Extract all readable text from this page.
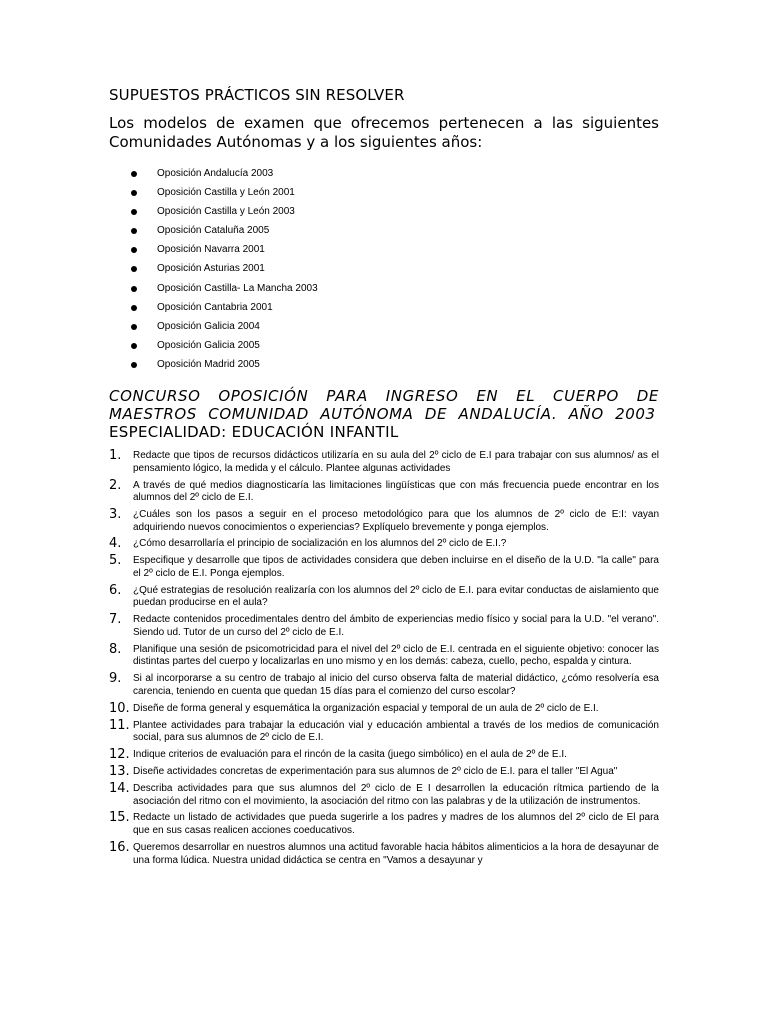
SUPUESTOS PRÁCTICOS SIN RESOLVER

Los modelos de examen que ofrecemos pertenecen a las siguientes Comunidades Autónomas y a los siguientes años:

Oposición Andalucía 2003
Oposición Castilla y León 2001
Oposición Castilla y León 2003
Oposición Cataluña 2005
Oposición Navarra 2001
Oposición Asturias 2001
Oposición Castilla- La Mancha 2003
Oposición Cantabria 2001
Oposición Galicia 2004
Oposición Galicia 2005
Oposición Madrid 2005

CONCURSO OPOSICIÓN PARA INGRESO EN EL CUERPO DE MAESTROS COMUNIDAD AUTÓNOMA DE ANDALUCÍA. AÑO 2003

ESPECIALIDAD: EDUCACIÓN INFANTIL

1. Redacte que tipos de recursos didácticos utilizaría en su aula del 2º ciclo de E.I para trabajar con sus alumnos/ as el pensamiento lógico, la medida y el cálculo. Plantee algunas actividades
2. A través de qué medios diagnosticaría las limitaciones lingüísticas que con más frecuencia puede encontrar en los alumnos del 2º ciclo de E.I.
3. ¿Cuáles son los pasos a seguir en el proceso metodológico para que los alumnos de 2º ciclo de E:I: vayan adquiriendo nuevos conocimientos o experiencias? Explíquelo brevemente y ponga ejemplos.
4. ¿Cómo desarrollaría el principio de socialización en los alumnos del 2º ciclo de E.I.?
5. Especifique y desarrolle que tipos de actividades considera que deben incluirse en el diseño de la U.D. "la calle" para el 2º ciclo de E.I. Ponga ejemplos.
6. ¿Qué estrategias de resolución realizaría con los alumnos del 2º ciclo de E.I. para evitar conductas de aislamiento que puedan producirse en el aula?
7. Redacte contenidos procedimentales dentro del ámbito de experiencias medio físico y social para la U.D. "el verano". Siendo ud. Tutor de un curso del 2º ciclo de E.I.
8. Planifique una sesión de psicomotricidad para el nivel del 2º ciclo de E.I. centrada en el siguiente objetivo: conocer las distintas partes del cuerpo y localizarlas en uno mismo y en los demás: cabeza, cuello, pecho, espalda y cintura.
9. Si al incorporarse a su centro de trabajo al inicio del curso observa falta de material didáctico, ¿cómo resolvería esa carencia, teniendo en cuenta que quedan 15 días para el comienzo del curso escolar?
10. Diseñe de forma general y esquemática la organización espacial y temporal de un aula de 2º ciclo de E.I.
11. Plantee actividades para trabajar la educación vial y educación ambiental a través de los medios de comunicación social, para sus alumnos de 2º ciclo de E.I.
12. Indique criterios de evaluación para el rincón de la casita (juego simbólico) en el aula de 2º de E.I.
13. Diseñe actividades concretas de experimentación para sus alumnos de 2º ciclo de E.I. para el taller "El Agua"
14. Describa actividades para que sus alumnos del 2º ciclo de E I desarrollen la educación rítmica partiendo de la asociación del ritmo con el movimiento, la asociación del ritmo con las palabras y de la utilización de instrumentos.
15. Redacte un listado de actividades que pueda sugerirle a los padres y madres de los alumnos del 2º ciclo de El para que en sus casas realicen acciones coeducativos.
16. Queremos desarrollar en nuestros alumnos una actitud favorable hacia hábitos alimenticios a la hora de desayunar de una forma lúdica. Nuestra unidad didáctica se centra en "Vamos a desayunar y
